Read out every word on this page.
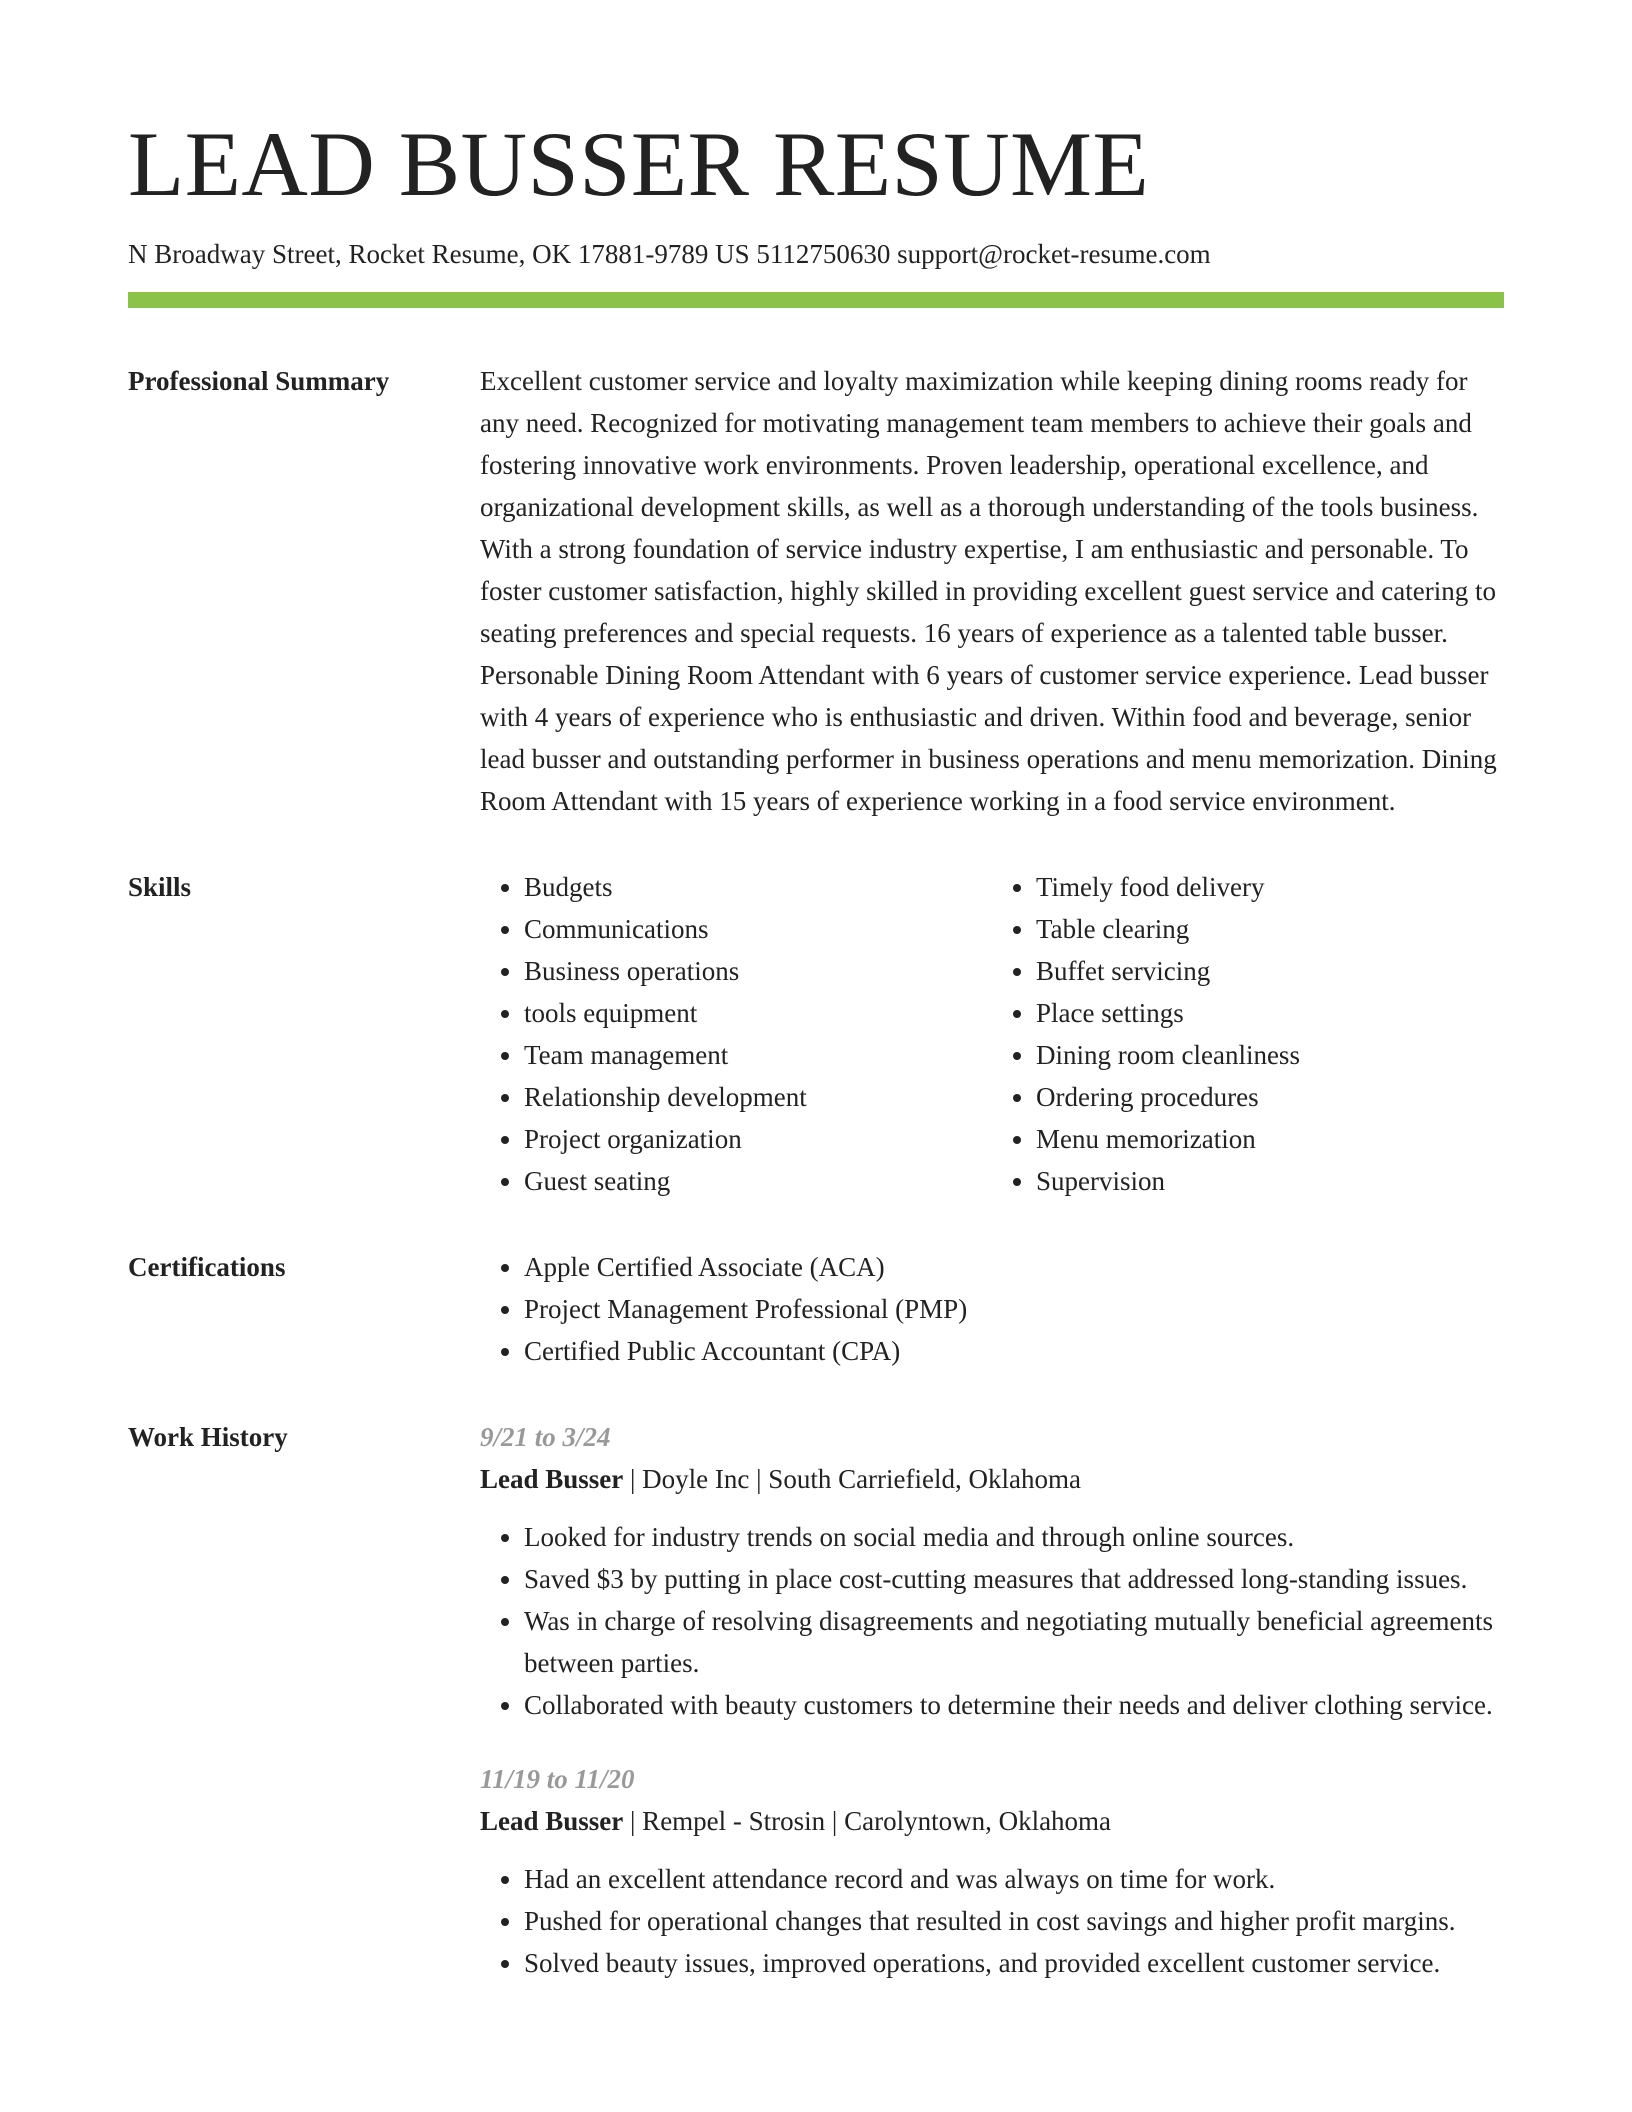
LEAD BUSSER RESUME
N Broadway Street, Rocket Resume, OK 17881-9789 US 5112750630 support@rocket-resume.com
Professional Summary	Excellent customer service and loyalty maximization while keeping dining rooms ready for any need. Recognized for motivating management team members to achieve their goals and fostering innovative work environments. Proven leadership, operational excellence, and organizational development skills, as well as a thorough understanding of the tools business. With a strong foundation of service industry expertise, I am enthusiastic and personable. To foster customer satisfaction, highly skilled in providing excellent guest service and catering to seating preferences and special requests. 16 years of experience as a talented table busser. Personable Dining Room Attendant with 6 years of customer service experience. Lead busser with 4 years of experience who is enthusiastic and driven. Within food and beverage, senior lead busser and outstanding performer in business operations and menu memorization. Dining Room Attendant with 15 years of experience working in a food service environment.

Skills	• Budgets
• Communications
• Business operations
• tools equipment
• Team management
• Relationship development
• Project organization
• Guest seating
• Timely food delivery
• Table clearing
• Buffet servicing
• Place settings
• Dining room cleanliness
• Ordering procedures
• Menu memorization
• Supervision
Certifications	• Apple Certified Associate (ACA)
• Project Management Professional (PMP)
• Certified Public Accountant (CPA)
Work History	9/21 to 3/24
Lead Busser | Doyle Inc | South Carriefield, Oklahoma
• Looked for industry trends on social media and through online sources.
• Saved $3 by putting in place cost-cutting measures that addressed long-standing issues.
• Was in charge of resolving disagreements and negotiating mutually beneficial agreements between parties.
• Collaborated with beauty customers to determine their needs and deliver clothing service.
11/19 to 11/20
Lead Busser | Rempel - Strosin | Carolyntown, Oklahoma
• Had an excellent attendance record and was always on time for work.
• Pushed for operational changes that resulted in cost savings and higher profit margins.
• Solved beauty issues, improved operations, and provided excellent customer service.
